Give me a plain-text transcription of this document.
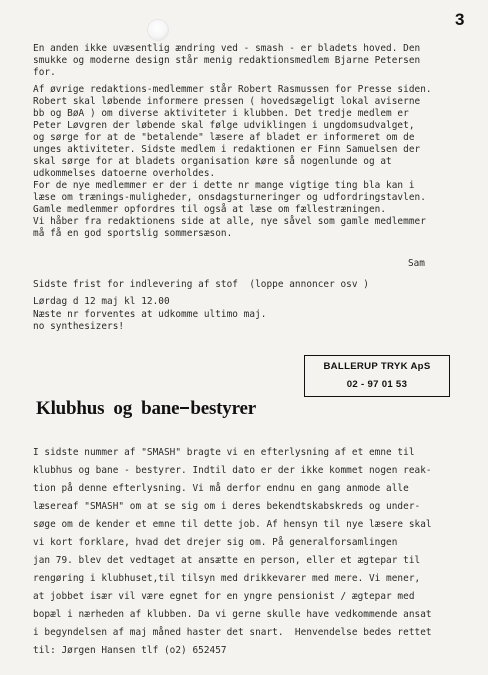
3
En anden ikke uvæsentlig ændring ved - smash - er bladets hoved. Den
smukke og moderne design står menig redaktionsmedlem Bjarne Petersen
for.
Af øvrige redaktions-medlemmer står Robert Rasmussen for Presse siden.
Robert skal løbende informere pressen ( hovedsægeligt lokal aviserne
bb og BøA ) om diverse aktiviteter i klubben. Det tredje medlem er
Peter Løvgren der løbende skal følge udviklingen i ungdomsudvalget,
og sørge for at de "betalende" læsere af bladet er informeret om de
unges aktiviteter. Sidste medlem i redaktionen er Finn Samuelsen der
skal sørge for at bladets organisation køre så nogenlunde og at
udkommelses datoerne overholdes.
For de nye medlemmer er der i dette nr mange vigtige ting bla kan i
læse om trænings-muligheder, onsdagsturneringer og udfordringstavlen.
Gamle medlemmer opfordres til også at læse om fællestræningen.
Vi håber fra redaktionens side at alle, nye såvel som gamle medlemmer
må få en god sportslig sommersæson.
Sam
Sidste frist for indlevering af stof  (loppe annoncer osv )
Lørdag d 12 maj kl 12.00
Næste nr forventes at udkomme ultimo maj.
no synthesizers!
BALLERUP TRYK ApS
02 - 97 01 53
Klubhus  og  bane bestyrer
I sidste nummer af "SMASH" bragte vi en efterlysning af et emne til
klubhus og bane - bestyrer. Indtil dato er der ikke kommet nogen reak-
tion på denne efterlysning. Vi må derfor endnu en gang anmode alle
læsereaf "SMASH" om at se sig om i deres bekendtskabskreds og under-
søge om de kender et emne til dette job. Af hensyn til nye læsere skal
vi kort forklare, hvad det drejer sig om. På generalforsamlingen
jan 79. blev det vedtaget at ansætte en person, eller et ægtepar til
rengøring i klubhuset,til tilsyn med drikkevarer med mere. Vi mener,
at jobbet især vil være egnet for en yngre pensionist / ægtepar med
bopæl i nærheden af klubben. Da vi gerne skulle have vedkommende ansat
i begyndelsen af maj måned haster det snart.  Henvendelse bedes rettet
til: Jørgen Hansen tlf (o2) 652457
